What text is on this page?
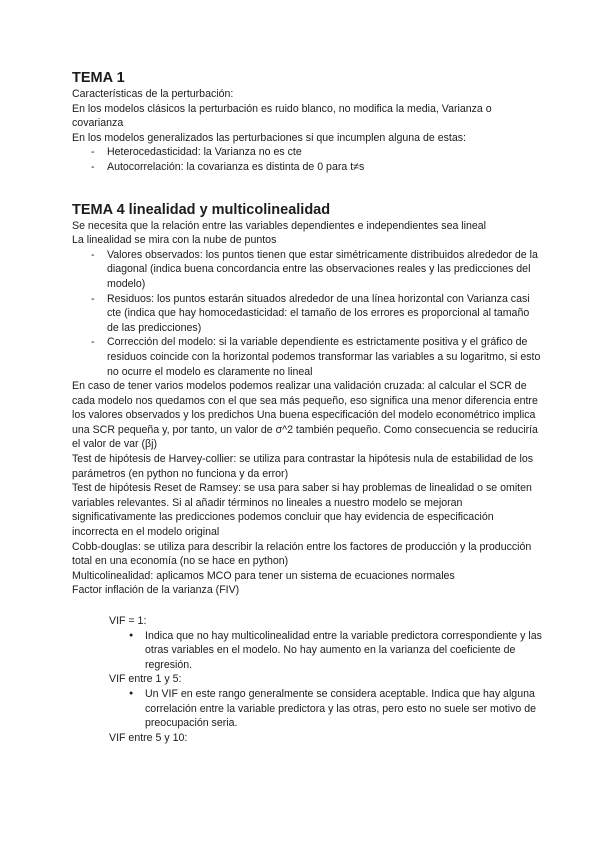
TEMA 1

Características de la perturbación:

En los modelos clásicos la perturbación es ruido blanco, no modifica la media, Varianza o covarianza

En los modelos generalizados las perturbaciones si que incumplen alguna de estas:

- Heterocedasticidad: la Varianza no es cte
- Autocorrelación: la covarianza es distinta de 0 para t≠s
TEMA 4 linealidad y multicolinealidad

Se necesita que la relación entre las variables dependientes e independientes sea lineal

La linealidad se mira con la nube de puntos

- Valores observados: los puntos tienen que estar simétricamente distribuidos alrededor de la diagonal (indica buena concordancia entre las observaciones reales y las predicciones del modelo)
- Residuos: los puntos estarán situados alrededor de una línea horizontal con Varianza casi cte (indica que hay homocedasticidad: el tamaño de los errores es proporcional al tamaño de las predicciones)
- Corrección del modelo: si la variable dependiente es estrictamente positiva y el gráfico de residuos coincide con la horizontal podemos transformar las variables a su logaritmo, si esto no ocurre el modelo es claramente no lineal

En caso de tener varios modelos podemos realizar una validación cruzada: al calcular el SCR de cada modelo nos quedamos con el que sea más pequeño, eso significa una menor diferencia entre los valores observados y los predichos Una buena especificación del modelo econométrico implica una SCR pequeña y, por tanto, un valor de σ^2 también pequeño. Como consecuencia se reduciría el valor de var (βj)

Test de hipótesis de Harvey-collier: se utiliza para contrastar la hipótesis nula de estabilidad de los parámetros (en python no funciona y da error)

Test de hipótesis Reset de Ramsey: se usa para saber si hay problemas de linealidad o se omiten variables relevantes. Si al añadir términos no lineales a nuestro modelo se mejoran significativamente las predicciones podemos concluir que hay evidencia de especificación incorrecta en el modelo original

Cobb-douglas: se utiliza para describir la relación entre los factores de producción y la producción total en una economía (no se hace en python)

Multicolinealidad: aplicamos MCO para tener un sistema de ecuaciones normales

Factor inflación de la varianza (FIV)

VIF = 1:

● Indica que no hay multicolinealidad entre la variable predictora correspondiente y las otras variables en el modelo. No hay aumento en la varianza del coeficiente de regresión.

VIF entre 1 y 5:

● Un VIF en este rango generalmente se considera aceptable. Indica que hay alguna correlación entre la variable predictora y las otras, pero esto no suele ser motivo de preocupación seria.

VIF entre 5 y 10:
